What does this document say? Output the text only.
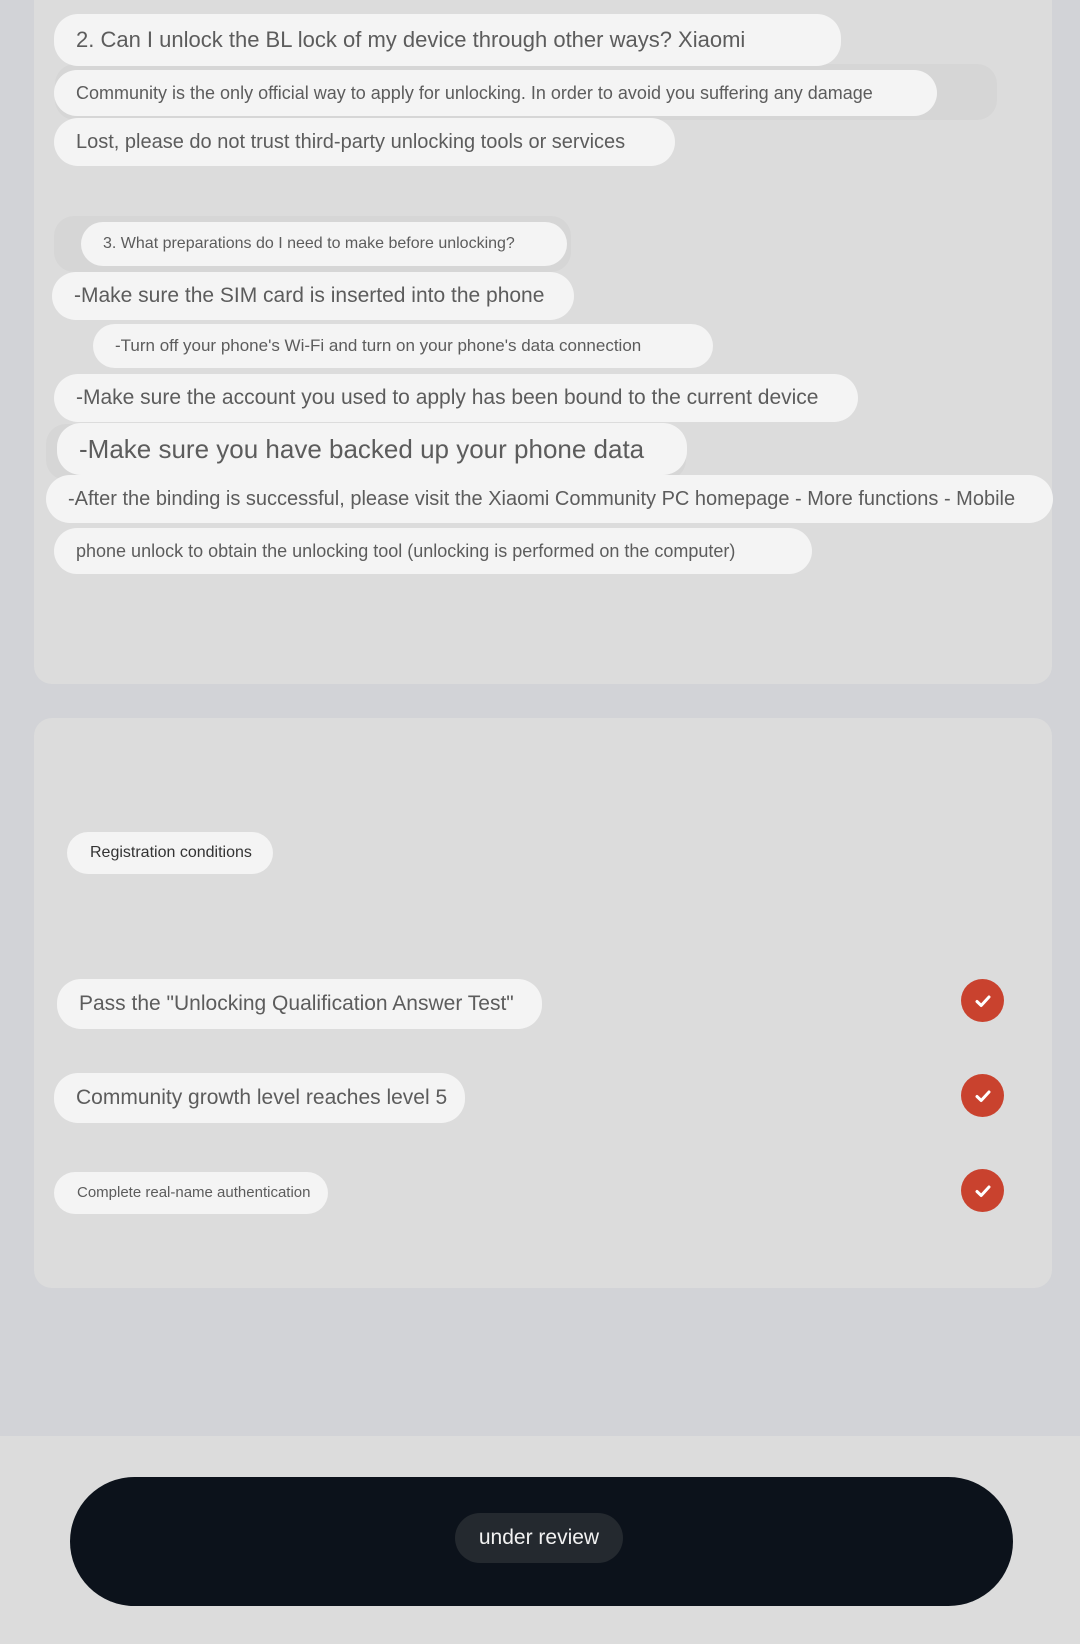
2. Can I unlock the BL lock of my device through other ways? Xiaomi
Community is the only official way to apply for unlocking. In order to avoid you suffering any damage
Lost, please do not trust third-party unlocking tools or services
3. What preparations do I need to make before unlocking?
-Make sure the SIM card is inserted into the phone
-Turn off your phone's Wi-Fi and turn on your phone's data connection
-Make sure the account you used to apply has been bound to the current device
-Make sure you have backed up your phone data
-After the binding is successful, please visit the Xiaomi Community PC homepage - More functions - Mobile
phone unlock to obtain the unlocking tool (unlocking is performed on the computer)
Registration conditions
Pass the "Unlocking Qualification Answer Test"
Community growth level reaches level 5
Complete real-name authentication
under review
